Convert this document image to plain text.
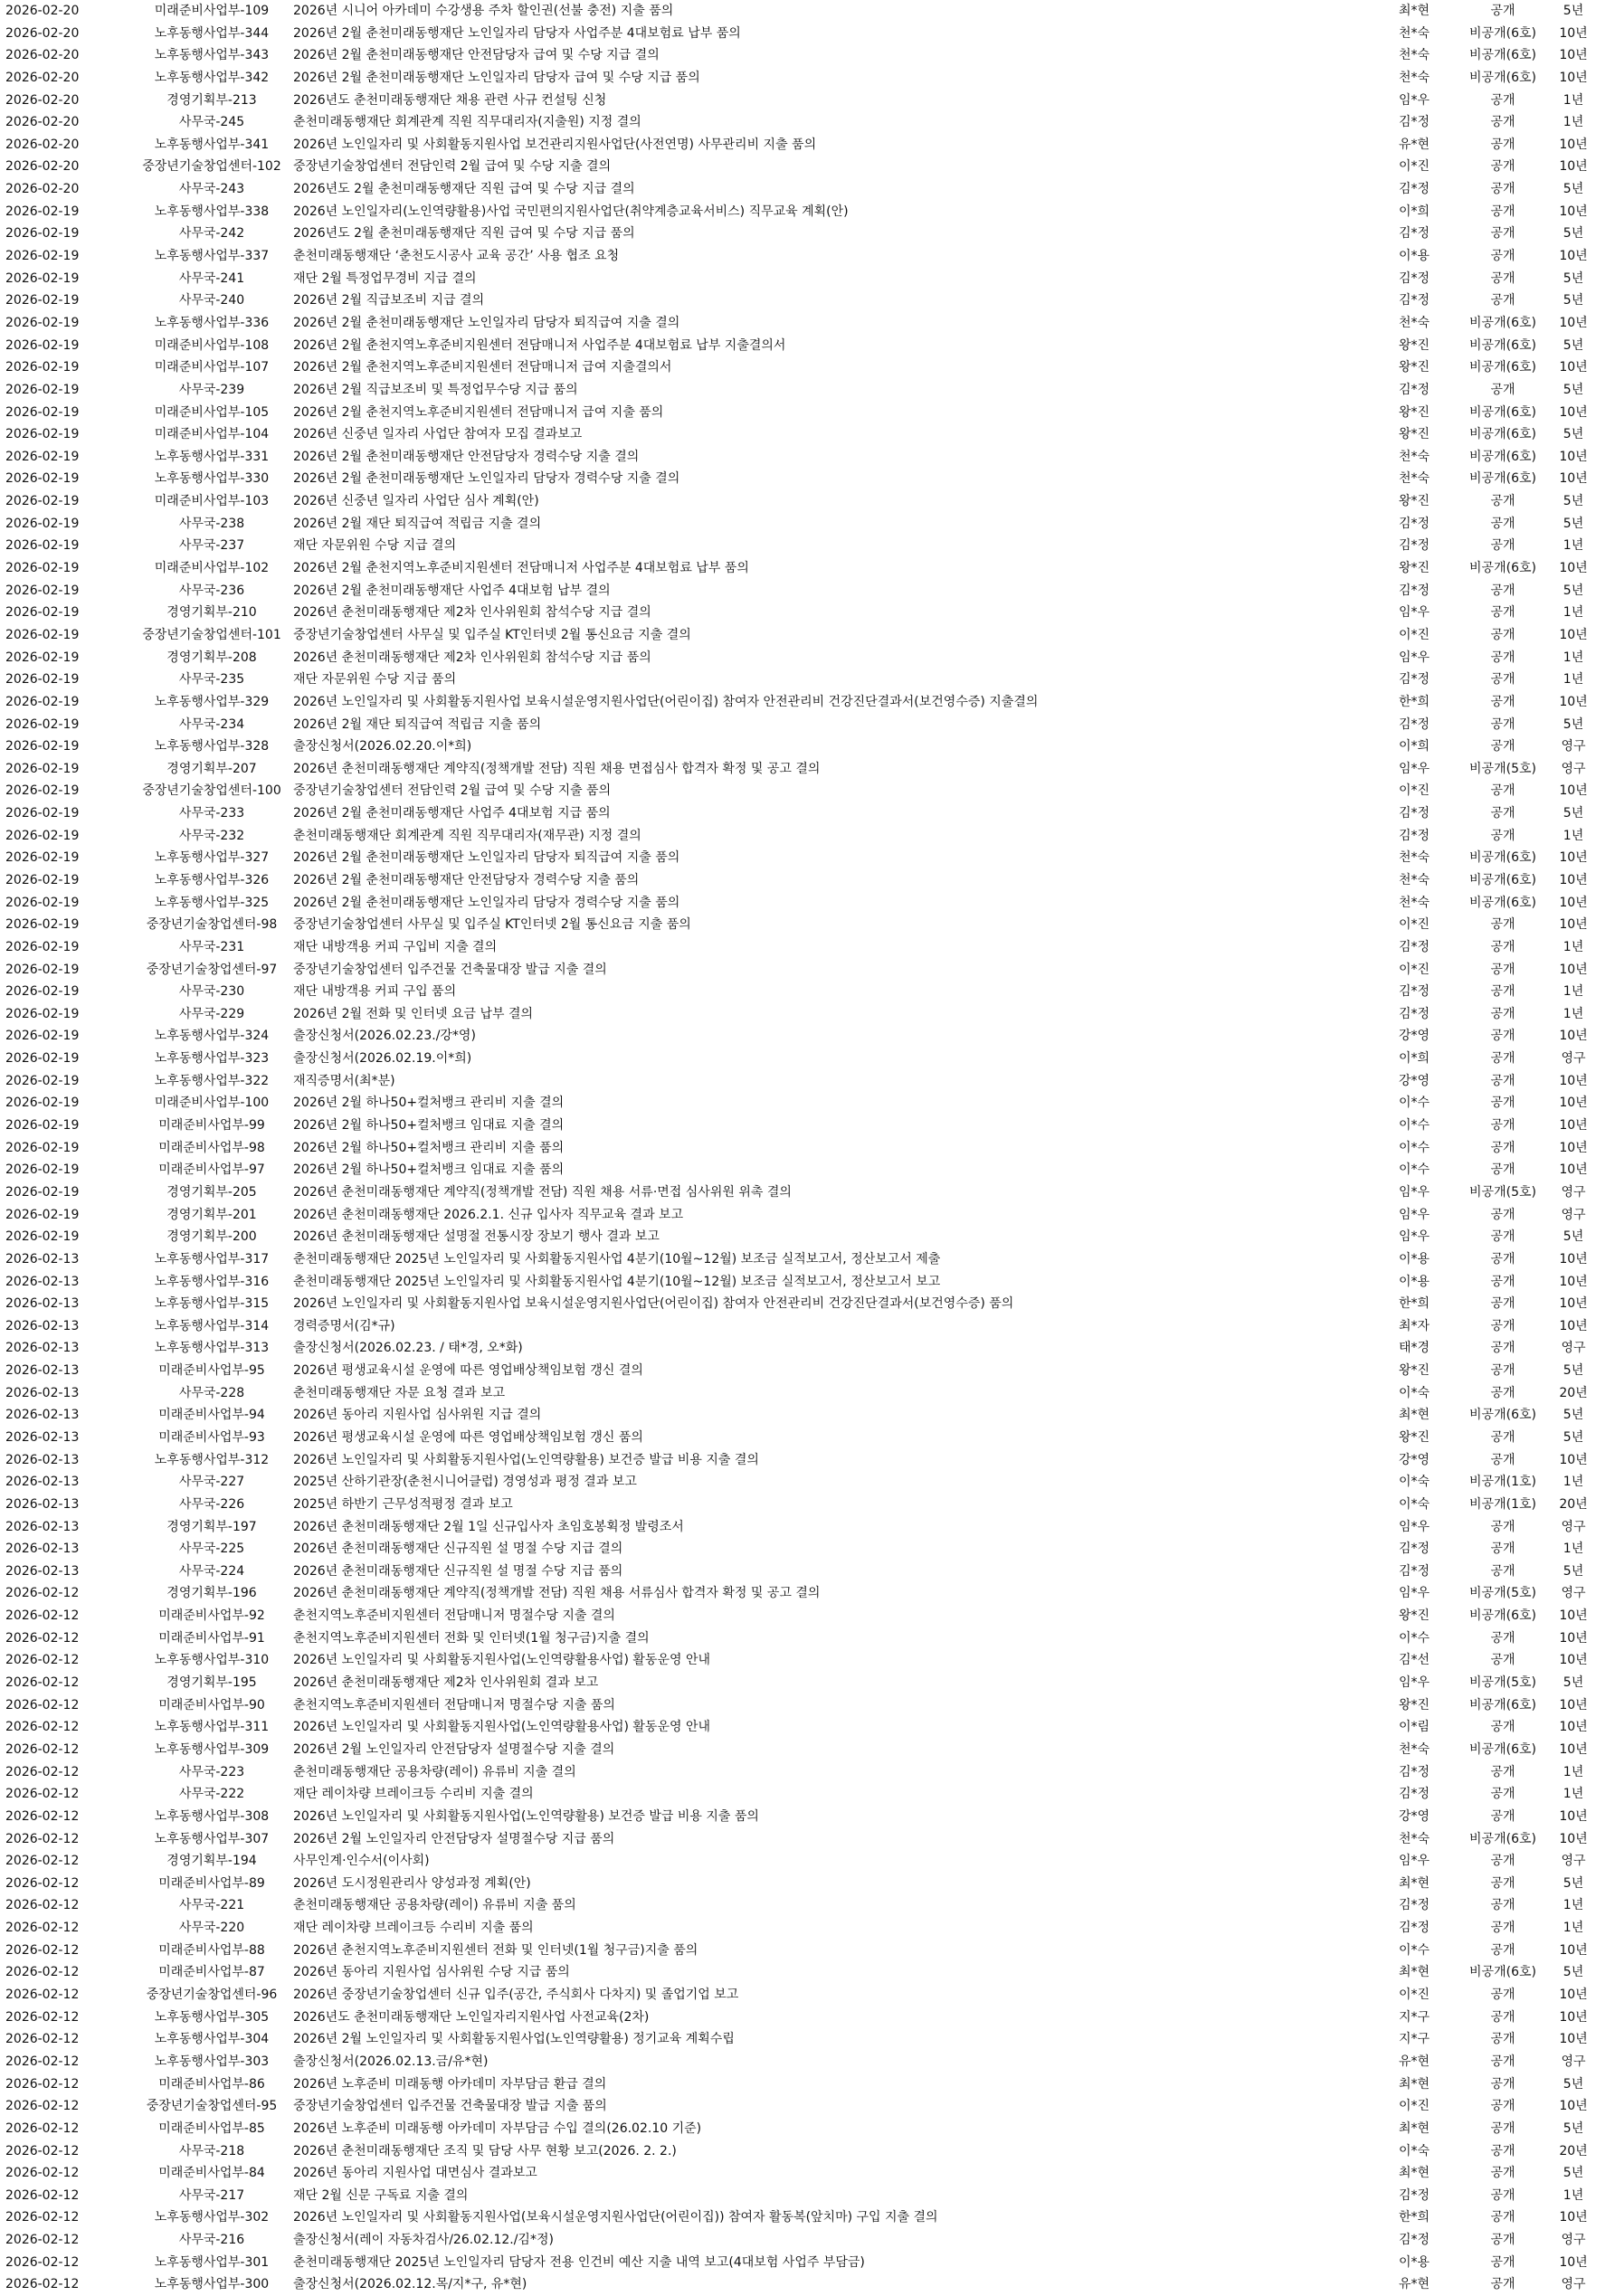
2026-02-20	미래준비사업부-109	2026년 시니어 아카데미 수강생용 주차 할인권(선불 충전) 지출 품의	최*현	공개	5년
2026-02-20	노후동행사업부-344	2026년 2월 춘천미래동행재단 노인일자리 담당자 사업주분 4대보험료 납부 품의	천*숙	비공개(6호)	10년
2026-02-20	노후동행사업부-343	2026년 2월 춘천미래동행재단 안전담당자 급여 및 수당 지급 결의	천*숙	비공개(6호)	10년
2026-02-20	노후동행사업부-342	2026년 2월 춘천미래동행재단 노인일자리 담당자 급여 및 수당 지급 품의	천*숙	비공개(6호)	10년
2026-02-20	경영기획부-213	2026년도 춘천미래동행재단 채용 관련 사규 컨설팅 신청	임*우	공개	1년
2026-02-20	사무국-245	춘천미래동행재단 회계관계 직원 직무대리자(지출원) 지정 결의	김*정	공개	1년
2026-02-20	노후동행사업부-341	2026년 노인일자리 및 사회활동지원사업 보건관리지원사업단(사전연명) 사무관리비 지출 품의	유*현	공개	10년
2026-02-20	중장년기술창업센터-102 중장년기술창업센터 전담인력 2월 급여 및 수당 지출 결의	이*진	공개	10년
2026-02-20	사무국-243	2026년도 2월 춘천미래동행재단 직원 급여 및 수당 지급 결의	김*정	공개	5년
2026-02-19	노후동행사업부-338	2026년 노인일자리(노인역량활용)사업 국민편의지원사업단(취약계층교육서비스) 직무교육 계획(안)	이*희	공개	10년
2026-02-19	사무국-242	2026년도 2월 춘천미래동행재단 직원 급여 및 수당 지급 품의	김*정	공개	5년
2026-02-19	노후동행사업부-337	춘천미래동행재단 ‘춘천도시공사 교육 공간’ 사용 협조 요청	이*용	공개	10년
2026-02-19	사무국-241	재단 2월 특정업무경비 지급 결의	김*정	공개	5년
2026-02-19	사무국-240	2026년 2월 직급보조비 지급 결의	김*정	공개	5년
2026-02-19	노후동행사업부-336	2026년 2월 춘천미래동행재단 노인일자리 담당자 퇴직급여 지출 결의	천*숙	비공개(6호)	10년
2026-02-19	미래준비사업부-108	2026년 2월 춘천지역노후준비지원센터 전담매니저 사업주분 4대보험료 납부 지출결의서	왕*진	비공개(6호)	5년
2026-02-19	미래준비사업부-107	2026년 2월 춘천지역노후준비지원센터 전담매니저 급여 지출결의서	왕*진	비공개(6호)	10년
2026-02-19	사무국-239	2026년 2월 직급보조비 및 특정업무수당 지급 품의	김*정	공개	5년
2026-02-19	미래준비사업부-105	2026년 2월 춘천지역노후준비지원센터 전담매니저 급여 지출 품의	왕*진	비공개(6호)	10년
2026-02-19	미래준비사업부-104	2026년 신중년 일자리 사업단 참여자 모집 결과보고	왕*진	비공개(6호)	5년
2026-02-19	노후동행사업부-331	2026년 2월 춘천미래동행재단 안전담당자 경력수당 지출 결의	천*숙	비공개(6호)	10년
2026-02-19	노후동행사업부-330	2026년 2월 춘천미래동행재단 노인일자리 담당자 경력수당 지출 결의	천*숙	비공개(6호)	10년
2026-02-19	미래준비사업부-103	2026년 신중년 일자리 사업단 심사 계획(안)	왕*진	공개	5년
2026-02-19	사무국-238	2026년 2월 재단 퇴직급여 적립금 지출 결의	김*정	공개	5년
2026-02-19	사무국-237	재단 자문위원 수당 지급 결의	김*정	공개	1년
2026-02-19	미래준비사업부-102	2026년 2월 춘천지역노후준비지원센터 전담매니저 사업주분 4대보험료 납부 품의	왕*진	비공개(6호)	10년
2026-02-19	사무국-236	2026년 2월 춘천미래동행재단 사업주 4대보험 납부 결의	김*정	공개	5년
2026-02-19	경영기획부-210	2026년 춘천미래동행재단 제2차 인사위원회 참석수당 지급 결의	임*우	공개	1년
2026-02-19	중장년기술창업센터-101 중장년기술창업센터 사무실 및 입주실 KT인터넷 2월 통신요금 지출 결의	이*진	공개	10년
2026-02-19	경영기획부-208	2026년 춘천미래동행재단 제2차 인사위원회 참석수당 지급 품의	임*우	공개	1년
2026-02-19	사무국-235	재단 자문위원 수당 지급 품의	김*정	공개	1년
2026-02-19	노후동행사업부-329	2026년 노인일자리 및 사회활동지원사업 보육시설운영지원사업단(어린이집) 참여자 안전관리비 건강진단결과서(보건영수증) 지출결의	한*희	공개	10년
2026-02-19	사무국-234	2026년 2월 재단 퇴직급여 적립금 지출 품의	김*정	공개	5년
2026-02-19	노후동행사업부-328	출장신청서(2026.02.20.이*희)	이*희	공개	영구
2026-02-19	경영기획부-207	2026년 춘천미래동행재단 계약직(정책개발 전담) 직원 채용 면접심사 합격자 확정 및 공고 결의	임*우	비공개(5호)	영구
2026-02-19	중장년기술창업센터-100 중장년기술창업센터 전담인력 2월 급여 및 수당 지출 품의	이*진	공개	10년
2026-02-19	사무국-233	2026년 2월 춘천미래동행재단 사업주 4대보험 지급 품의	김*정	공개	5년
2026-02-19	사무국-232	춘천미래동행재단 회계관계 직원 직무대리자(재무관) 지정 결의	김*정	공개	1년
2026-02-19	노후동행사업부-327	2026년 2월 춘천미래동행재단 노인일자리 담당자 퇴직급여 지출 품의	천*숙	비공개(6호)	10년
2026-02-19	노후동행사업부-326	2026년 2월 춘천미래동행재단 안전담당자 경력수당 지출 품의	천*숙	비공개(6호)	10년
2026-02-19	노후동행사업부-325	2026년 2월 춘천미래동행재단 노인일자리 담당자 경력수당 지출 품의	천*숙	비공개(6호)	10년
2026-02-19	중장년기술창업센터-98	중장년기술창업센터 사무실 및 입주실 KT인터넷 2월 통신요금 지출 품의	이*진	공개	10년
2026-02-19	사무국-231	재단 내방객용 커피 구입비 지출 결의	김*정	공개	1년
2026-02-19	중장년기술창업센터-97	중장년기술창업센터 입주건물 건축물대장 발급 지출 결의	이*진	공개	10년
2026-02-19	사무국-230	재단 내방객용 커피 구입 품의	김*정	공개	1년
2026-02-19	사무국-229	2026년 2월 전화 및 인터넷 요금 납부 결의	김*정	공개	1년
2026-02-19	노후동행사업부-324	출장신청서(2026.02.23./강*영)	강*영	공개	10년
2026-02-19	노후동행사업부-323	출장신청서(2026.02.19.이*희)	이*희	공개	영구
2026-02-19	노후동행사업부-322	재직증명서(최*분)	강*영	공개	10년
2026-02-19	미래준비사업부-100	2026년 2월 하나50+컬처뱅크 관리비 지출 결의	이*수	공개	10년
2026-02-19	미래준비사업부-99	2026년 2월 하나50+컬처뱅크 임대료 지출 결의	이*수	공개	10년
2026-02-19	미래준비사업부-98	2026년 2월 하나50+컬처뱅크 관리비 지출 품의	이*수	공개	10년
2026-02-19	미래준비사업부-97	2026년 2월 하나50+컬처뱅크 임대료 지출 품의	이*수	공개	10년
2026-02-19	경영기획부-205	2026년 춘천미래동행재단 계약직(정책개발 전담) 직원 채용 서류·면접 심사위원 위촉 결의	임*우	비공개(5호)	영구
2026-02-19	경영기획부-201	2026년 춘천미래동행재단 2026.2.1. 신규 입사자 직무교육 결과 보고	임*우	공개	영구
2026-02-19	경영기획부-200	2026년 춘천미래동행재단 설명절 전통시장 장보기 행사 결과 보고	임*우	공개	5년
2026-02-13	노후동행사업부-317	춘천미래동행재단 2025년 노인일자리 및 사회활동지원사업 4분기(10월~12월) 보조금 실적보고서, 정산보고서 제출	이*용	공개	10년
2026-02-13	노후동행사업부-316	춘천미래동행재단 2025년 노인일자리 및 사회활동지원사업 4분기(10월~12월) 보조금 실적보고서, 정산보고서 보고	이*용	공개	10년
2026-02-13	노후동행사업부-315	2026년 노인일자리 및 사회활동지원사업 보육시설운영지원사업단(어린이집) 참여자 안전관리비 건강진단결과서(보건영수증) 품의	한*희	공개	10년
2026-02-13	노후동행사업부-314	경력증명서(김*규)	최*자	공개	10년
2026-02-13	노후동행사업부-313	출장신청서(2026.02.23. / 태*경, 오*화)	태*경	공개	영구
2026-02-13	미래준비사업부-95	2026년 평생교육시설 운영에 따른 영업배상책임보험 갱신 결의	왕*진	공개	5년
2026-02-13	사무국-228	춘천미래동행재단 자문 요청 결과 보고	이*숙	공개	20년
2026-02-13	미래준비사업부-94	2026년 동아리 지원사업 심사위원 지급 결의	최*현	비공개(6호)	5년
2026-02-13	미래준비사업부-93	2026년 평생교육시설 운영에 따른 영업배상책임보험 갱신 품의	왕*진	공개	5년
2026-02-13	노후동행사업부-312	2026년 노인일자리 및 사회활동지원사업(노인역량활용) 보건증 발급 비용 지출 결의	강*영	공개	10년
2026-02-13	사무국-227	2025년 산하기관장(춘천시니어클럽) 경영성과 평정 결과 보고	이*숙	비공개(1호)	1년
2026-02-13	사무국-226	2025년 하반기 근무성적평정 결과 보고	이*숙	비공개(1호)	20년
2026-02-13	경영기획부-197	2026년 춘천미래동행재단 2월 1일 신규입사자 초임호봉획정 발령조서	임*우	공개	영구
2026-02-13	사무국-225	2026년 춘천미래동행재단 신규직원 설 명절 수당 지급 결의	김*정	공개	1년
2026-02-13	사무국-224	2026년 춘천미래동행재단 신규직원 설 명절 수당 지급 품의	김*정	공개	5년
2026-02-12	경영기획부-196	2026년 춘천미래동행재단 계약직(정책개발 전담) 직원 채용 서류심사 합격자 확정 및 공고 결의	임*우	비공개(5호)	영구
2026-02-12	미래준비사업부-92	춘천지역노후준비지원센터 전담매니저 명절수당 지출 결의	왕*진	비공개(6호)	10년
2026-02-12	미래준비사업부-91	춘천지역노후준비지원센터 전화 및 인터넷(1월 청구금)지출 결의	이*수	공개	10년
2026-02-12	노후동행사업부-310	2026년 노인일자리 및 사회활동지원사업(노인역량활용사업) 활동운영 안내	김*선	공개	10년
2026-02-12	경영기획부-195	2026년 춘천미래동행재단 제2차 인사위원회 결과 보고	임*우	비공개(5호)	5년
2026-02-12	미래준비사업부-90	춘천지역노후준비지원센터 전담매니저 명절수당 지출 품의	왕*진	비공개(6호)	10년
2026-02-12	노후동행사업부-311	2026년 노인일자리 및 사회활동지원사업(노인역량활용사업) 활동운영 안내	이*림	공개	10년
2026-02-12	노후동행사업부-309	2026년 2월 노인일자리 안전담당자 설명절수당 지출 결의	천*숙	비공개(6호)	10년
2026-02-12	사무국-223	춘천미래동행재단 공용차량(레이) 유류비 지출 결의	김*정	공개	1년
2026-02-12	사무국-222	재단 레이차량 브레이크등 수리비 지출 결의	김*정	공개	1년
2026-02-12	노후동행사업부-308	2026년 노인일자리 및 사회활동지원사업(노인역량활용) 보건증 발급 비용 지출 품의	강*영	공개	10년
2026-02-12	노후동행사업부-307	2026년 2월 노인일자리 안전담당자 설명절수당 지급 품의	천*숙	비공개(6호)	10년
2026-02-12	경영기획부-194	사무인계·인수서(이사회)	임*우	공개	영구
2026-02-12	미래준비사업부-89	2026년 도시정원관리사 양성과정 계획(안)	최*현	공개	5년
2026-02-12	사무국-221	춘천미래동행재단 공용차량(레이) 유류비 지출 품의	김*정	공개	1년
2026-02-12	사무국-220	재단 레이차량 브레이크등 수리비 지출 품의	김*정	공개	1년
2026-02-12	미래준비사업부-88	2026년 춘천지역노후준비지원센터 전화 및 인터넷(1월 청구금)지출 품의	이*수	공개	10년
2026-02-12	미래준비사업부-87	2026년 동아리 지원사업 심사위원 수당 지급 품의	최*현	비공개(6호)	5년
2026-02-12	중장년기술창업센터-96	2026년 중장년기술창업센터 신규 입주(공간, 주식회사 다차지) 및 졸업기업 보고	이*진	공개	10년
2026-02-12	노후동행사업부-305	2026년도 춘천미래동행재단 노인일자리지원사업 사전교육(2차)	지*구	공개	10년
2026-02-12	노후동행사업부-304	2026년 2월 노인일자리 및 사회활동지원사업(노인역량활용) 정기교육 계획수립	지*구	공개	10년
2026-02-12	노후동행사업부-303	출장신청서(2026.02.13.금/유*현)	유*현	공개	영구
2026-02-12	미래준비사업부-86	2026년 노후준비 미래동행 아카데미 자부담금 환급 결의	최*현	공개	5년
2026-02-12	중장년기술창업센터-95	중장년기술창업센터 입주건물 건축물대장 발급 지출 품의	이*진	공개	10년
2026-02-12	미래준비사업부-85	2026년 노후준비 미래동행 아카데미 자부담금 수입 결의(26.02.10 기준)	최*현	공개	5년
2026-02-12	사무국-218	2026년 춘천미래동행재단 조직 및 담당 사무 현황 보고(2026. 2. 2.)	이*숙	공개	20년
2026-02-12	미래준비사업부-84	2026년 동아리 지원사업 대면심사 결과보고	최*현	공개	5년
2026-02-12	사무국-217	재단 2월 신문 구독료 지출 결의	김*정	공개	1년
2026-02-12	노후동행사업부-302	2026년 노인일자리 및 사회활동지원사업(보육시설운영지원사업단(어린이집)) 참여자 활동복(앞치마) 구입 지출 결의	한*희	공개	10년
2026-02-12	사무국-216	출장신청서(레이 자동차검사/26.02.12./김*정)	김*정	공개	영구
2026-02-12	노후동행사업부-301	춘천미래동행재단 2025년 노인일자리 담당자 전용 인건비 예산 지출 내역 보고(4대보험 사업주 부담금)	이*용	공개	10년
2026-02-12	노후동행사업부-300	출장신청서(2026.02.12.목/지*구, 유*현)	유*현	공개	영구
